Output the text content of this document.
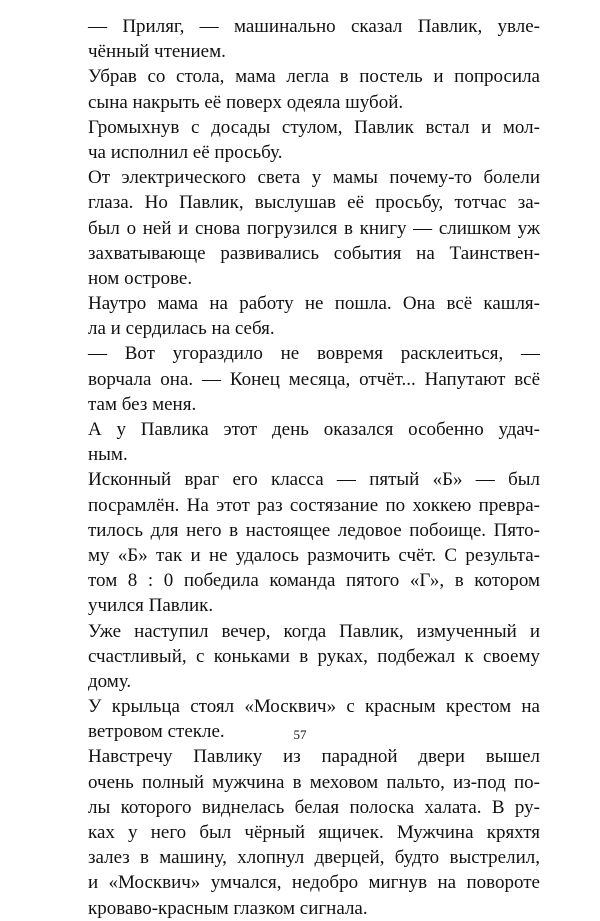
— Приляг, — машинально сказал Павлик, увле-
чённый чтением.
Убрав со стола, мама легла в постель и попросила
сына накрыть её поверх одеяла шубой.
Громыхнув с досады стулом, Павлик встал и мол-
ча исполнил её просьбу.
От электрического света у мамы почему-то болели
глаза. Но Павлик, выслушав её просьбу, тотчас за-
был о ней и снова погрузился в книгу — слишком уж
захватывающе развивались события на Таинствен-
ном острове.
Наутро мама на работу не пошла. Она всё кашля-
ла и сердилась на себя.
— Вот угораздило не вовремя расклеиться, —
ворчала она. — Конец месяца, отчёт... Напутают всё
там без меня.
А у Павлика этот день оказался особенно удач-
ным.
Исконный враг его класса — пятый «Б» — был
посрамлён. На этот раз состязание по хоккею превра-
тилось для него в настоящее ледовое побоище. Пято-
му «Б» так и не удалось размочить счёт. С результа-
том 8 : 0 победила команда пятого «Г», в котором
учился Павлик.
Уже наступил вечер, когда Павлик, измученный и
счастливый, с коньками в руках, подбежал к своему
дому.
У крыльца стоял «Москвич» с красным крестом на
ветровом стекле.
Навстречу Павлику из парадной двери вышел
очень полный мужчина в меховом пальто, из-под по-
лы которого виднелась белая полоска халата. В ру-
ках у него был чёрный ящичек. Мужчина кряхтя
залез в машину, хлопнул дверцей, будто выстрелил,
и «Москвич» умчался, недобро мигнув на повороте
кроваво-красным глазком сигнала.
57
